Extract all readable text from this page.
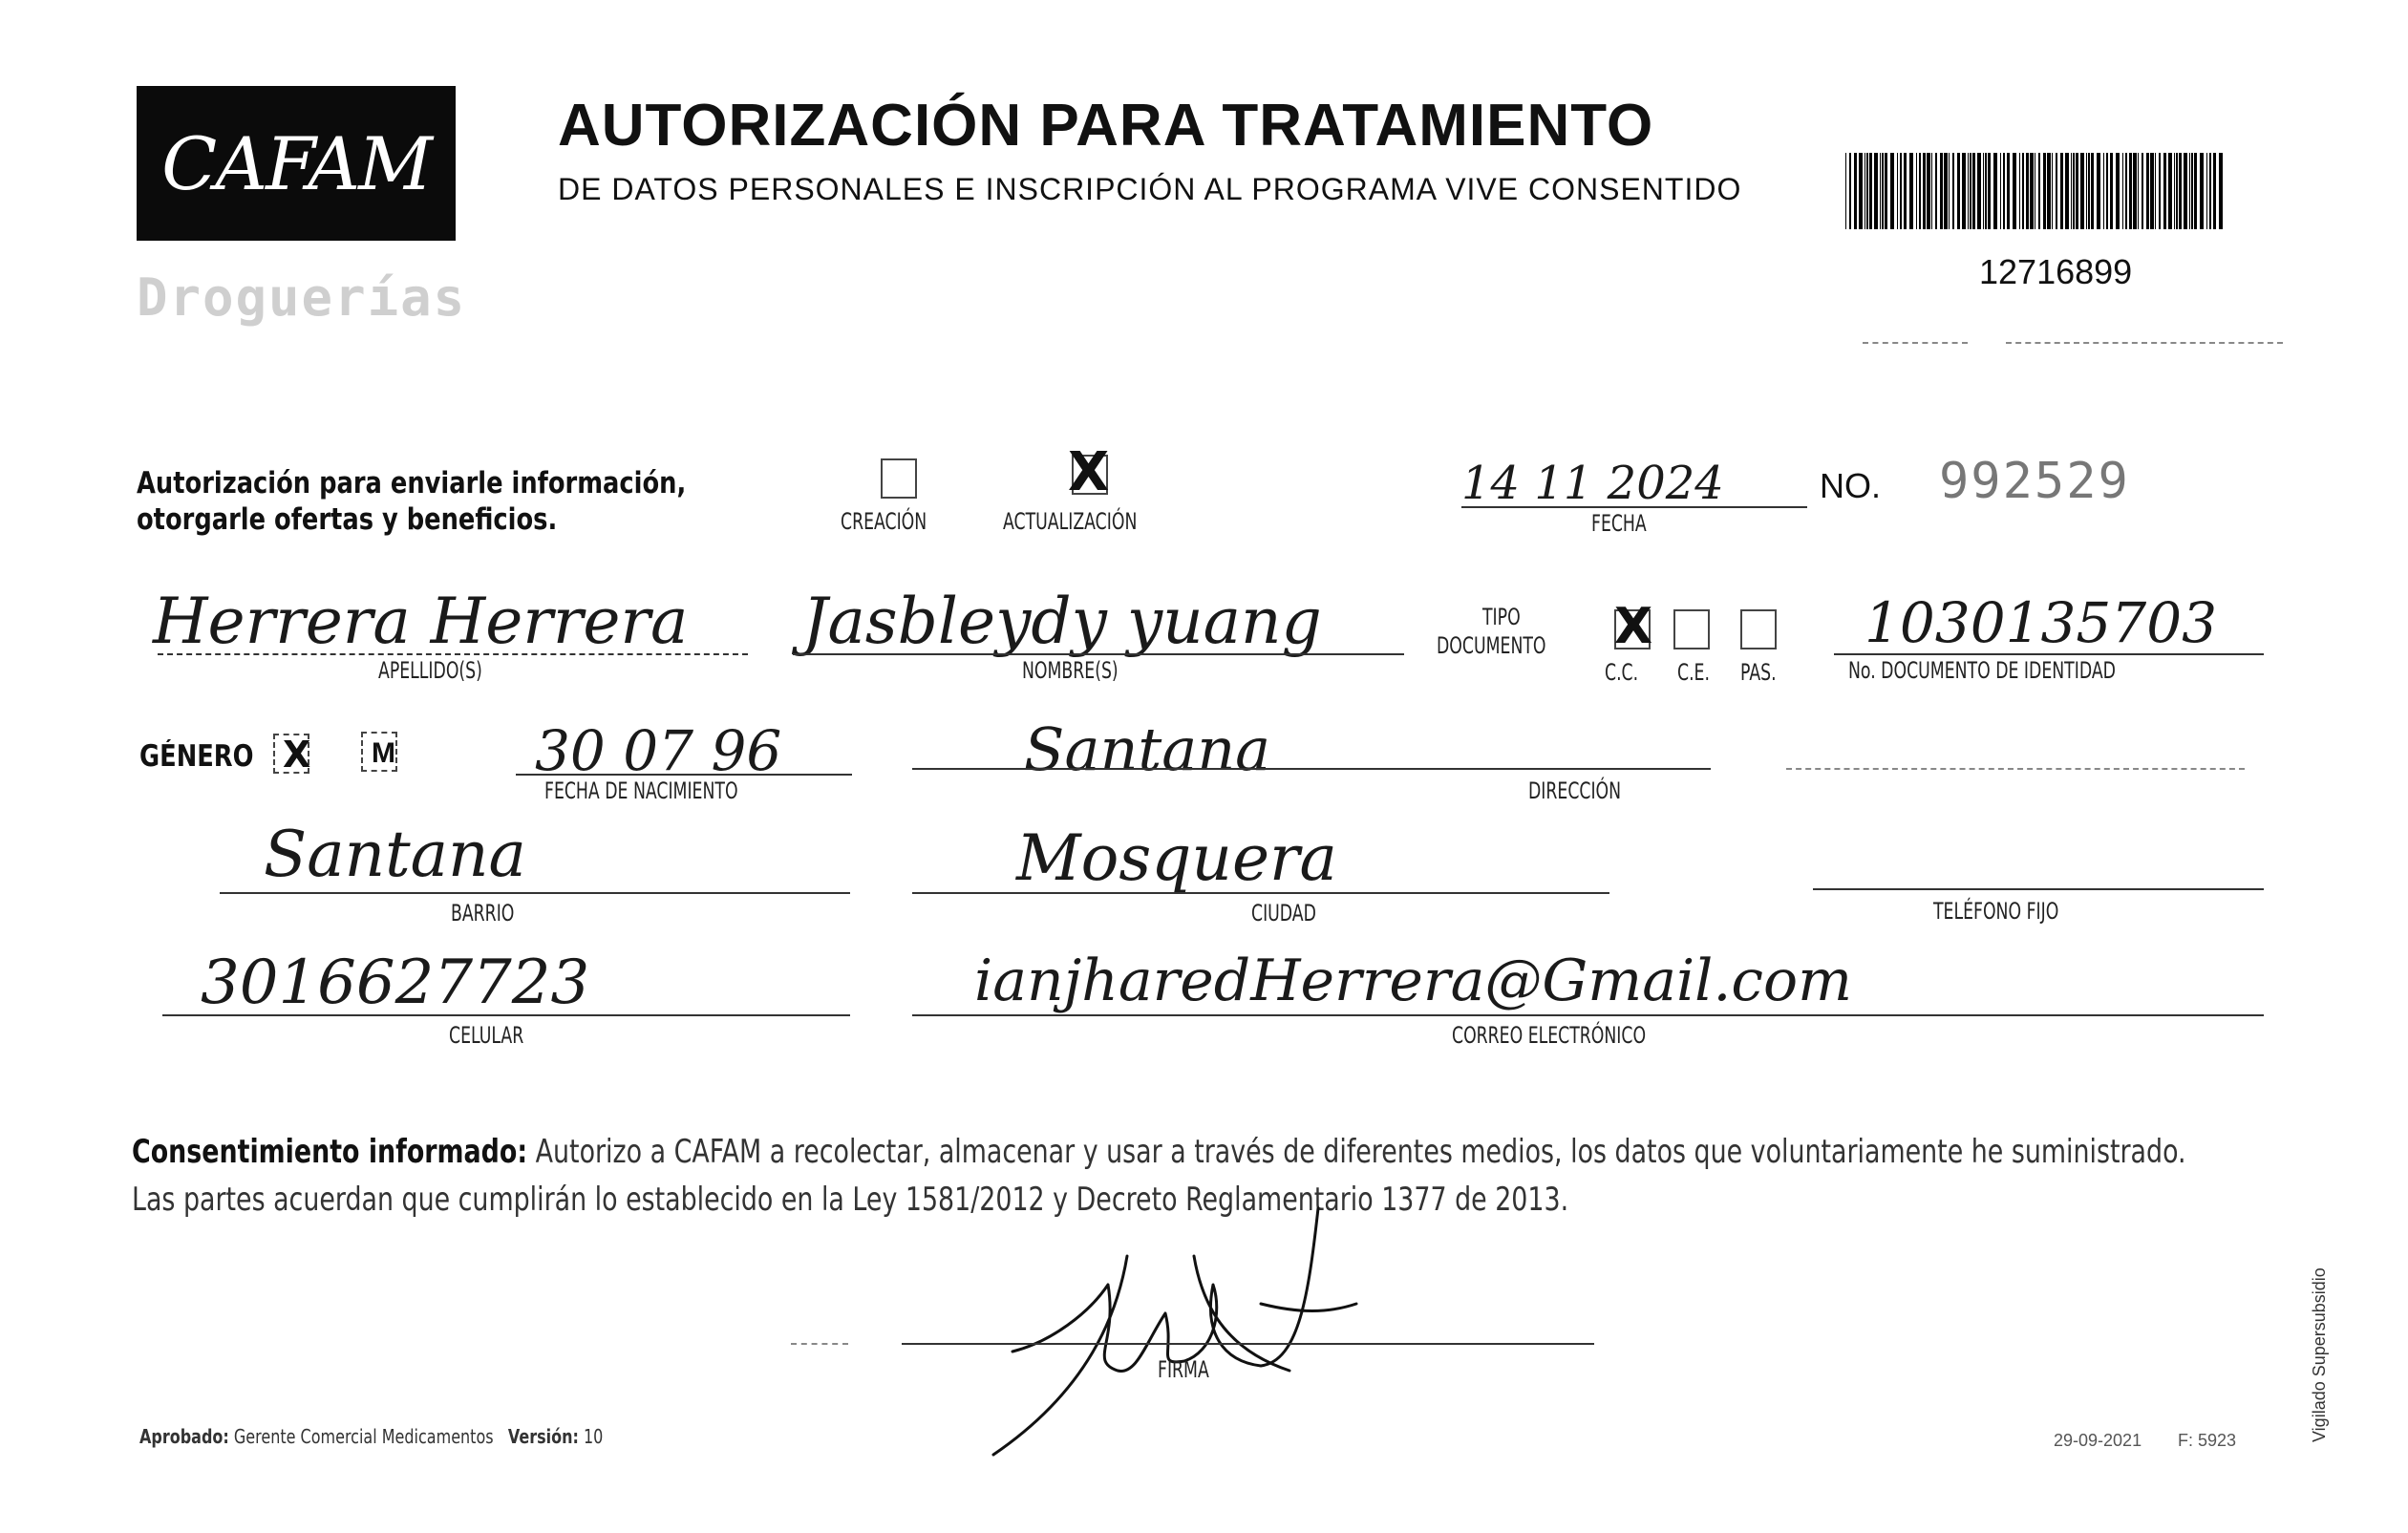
CAFAM
Droguerías
AUTORIZACIÓN PARA TRATAMIENTO
DE DATOS PERSONALES E INSCRIPCIÓN AL PROGRAMA VIVE CONSENTIDO
12716899
Autorización para enviarle información,
otorgarle ofertas y beneficios.	CREACIÓN
X
ACTUALIZACIÓN
14 11 2024
FECHA
NO. 992529
Herrera Herrera
APELLIDO(S)
Jasbleydy yuang
NOMBRE(S)
TIPO
DOCUMENTO X
C.C. C.E. PAS.
1030135703
No. DOCUMENTO DE IDENTIDAD
GÉNERO X M	30 07 96
FECHA DE NACIMIENTO
Santana
DIRECCIÓN
Santana
BARRIO
Mosquera
CIUDAD	TELÉFONO FIJO
3016627723
CELULAR
ianjharedHerrera@Gmail.com
CORREO ELECTRÓNICO
Consentimiento informado: Autorizo a CAFAM a recolectar, almacenar y usar a través de diferentes medios, los datos que voluntariamente he suministrado.
Las partes acuerdan que cumplirán lo establecido en la Ley 1581/2012 y Decreto Reglamentario 1377 de 2013.
FIRMA
Aprobado: Gerente Comercial Medicamentos Versión: 10	29-09-2021 F: 5923	Vigilado Supersubsidio
